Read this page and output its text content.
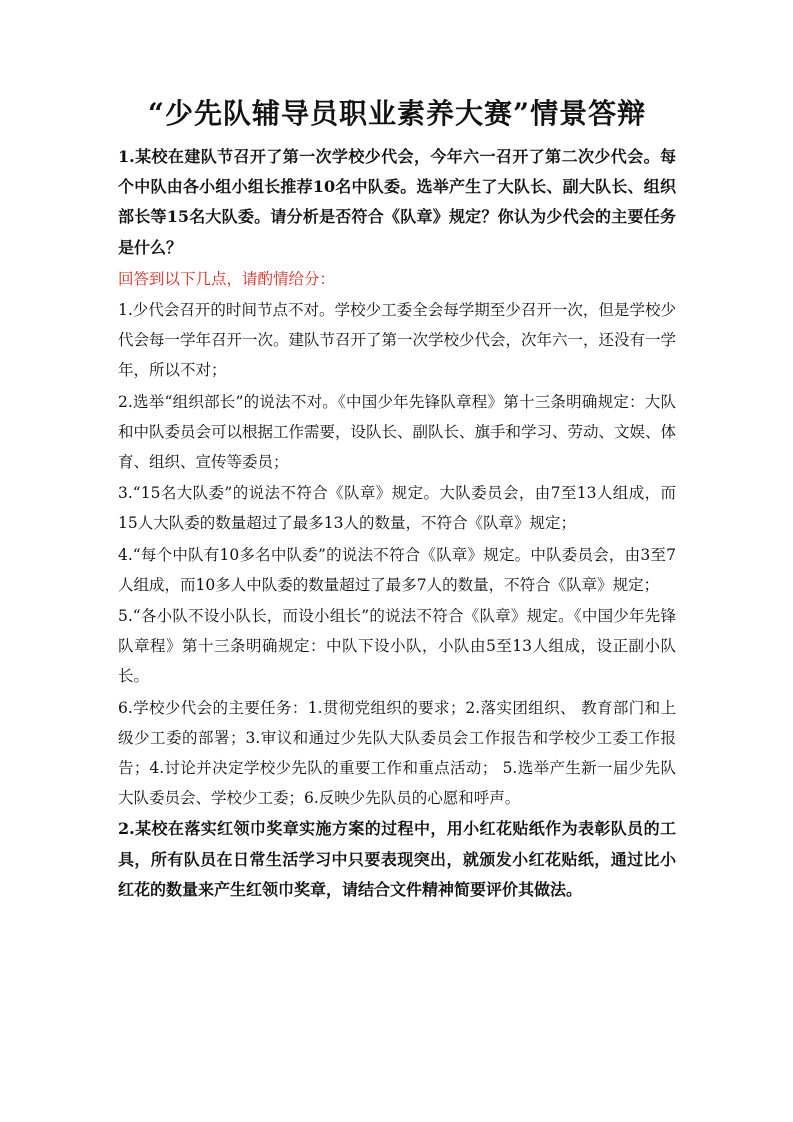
“少先队辅导员职业素养大赛”情景答辩

1.某校在建队节召开了第一次学校少代会，今年六一召开了第二次少代会。每个中队由各小组小组长推荐10名中队委。选举产生了大队长、副大队长、组织部长等15名大队委。请分析是否符合《队章》规定？你认为少代会的主要任务是什么？

回答到以下几点，请酌情给分：

1.少代会召开的时间节点不对。学校少工委全会每学期至少召开一次，但是学校少代会每一学年召开一次。建队节召开了第一次学校少代会，次年六一，还没有一学年，所以不对；

2.选举“组织部长”的说法不对。《中国少年先锋队章程》第十三条明确规定：大队和中队委员会可以根据工作需要，设队长、副队长、旗手和学习、劳动、文娱、体育、组织、宣传等委员；

3.“15名大队委”的说法不符合《队章》规定。大队委员会，由7至13人组成，而15人大队委的数量超过了最多13人的数量，不符合《队章》规定；

4.“每个中队有10多名中队委”的说法不符合《队章》规定。中队委员会，由3至7人组成，而10多人中队委的数量超过了最多7人的数量，不符合《队章》规定；

5.“各小队不设小队长，而设小组长”的说法不符合《队章》规定。《中国少年先锋队章程》第十三条明确规定：中队下设小队，小队由5至13人组成，设正副小队长。

6.学校少代会的主要任务：1.贯彻党组织的要求；2.落实团组织、 教育部门和上级少工委的部署；3.审议和通过少先队大队委员会工作报告和学校少工委工作报告；4.讨论并决定学校少先队的重要工作和重点活动； 5.选举产生新一届少先队大队委员会、学校少工委；6.反映少先队员的心愿和呼声。

2.某校在落实红领巾奖章实施方案的过程中，用小红花贴纸作为表彰队员的工具，所有队员在日常生活学习中只要表现突出，就颁发小红花贴纸，通过比小红花的数量来产生红领巾奖章，请结合文件精神简要评价其做法。
